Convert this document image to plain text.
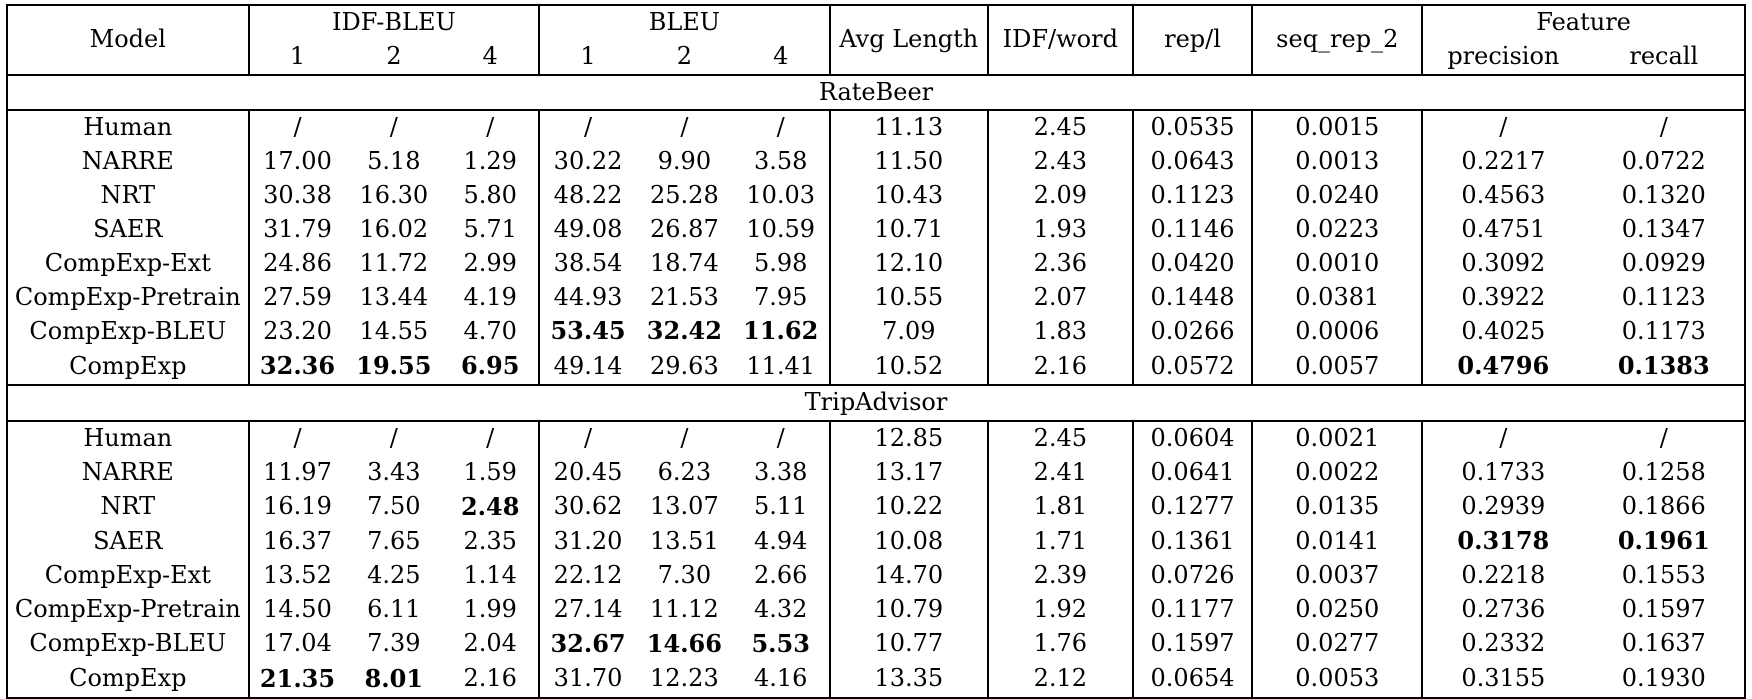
Model	IDF-BLEU			BLEU			Avg Length	IDF/word	rep/l	seq_rep_2	Feature	
	1	2	4	1	2	4					precision	recall
RateBeer												
Human	/	/	/	/	/	/	11.13	2.45	0.0535	0.0015	/	/
NARRE	17.00	5.18	1.29	30.22	9.90	3.58	11.50	2.43	0.0643	0.0013	0.2217	0.0722
NRT	30.38	16.30	5.80	48.22	25.28	10.03	10.43	2.09	0.1123	0.0240	0.4563	0.1320
SAER	31.79	16.02	5.71	49.08	26.87	10.59	10.71	1.93	0.1146	0.0223	0.4751	0.1347
CompExp-Ext	24.86	11.72	2.99	38.54	18.74	5.98	12.10	2.36	0.0420	0.0010	0.3092	0.0929
CompExp-Pretrain	27.59	13.44	4.19	44.93	21.53	7.95	10.55	2.07	0.1448	0.0381	0.3922	0.1123
CompExp-BLEU	23.20	14.55	4.70	53.45	32.42	11.62	7.09	1.83	0.0266	0.0006	0.4025	0.1173
CompExp	32.36	19.55	6.95	49.14	29.63	11.41	10.52	2.16	0.0572	0.0057	0.4796	0.1383
TripAdvisor												
Human	/	/	/	/	/	/	12.85	2.45	0.0604	0.0021	/	/
NARRE	11.97	3.43	1.59	20.45	6.23	3.38	13.17	2.41	0.0641	0.0022	0.1733	0.1258
NRT	16.19	7.50	2.48	30.62	13.07	5.11	10.22	1.81	0.1277	0.0135	0.2939	0.1866
SAER	16.37	7.65	2.35	31.20	13.51	4.94	10.08	1.71	0.1361	0.0141	0.3178	0.1961
CompExp-Ext	13.52	4.25	1.14	22.12	7.30	2.66	14.70	2.39	0.0726	0.0037	0.2218	0.1553
CompExp-Pretrain	14.50	6.11	1.99	27.14	11.12	4.32	10.79	1.92	0.1177	0.0250	0.2736	0.1597
CompExp-BLEU	17.04	7.39	2.04	32.67	14.66	5.53	10.77	1.76	0.1597	0.0277	0.2332	0.1637
CompExp	21.35	8.01	2.16	31.70	12.23	4.16	13.35	2.12	0.0654	0.0053	0.3155	0.1930
